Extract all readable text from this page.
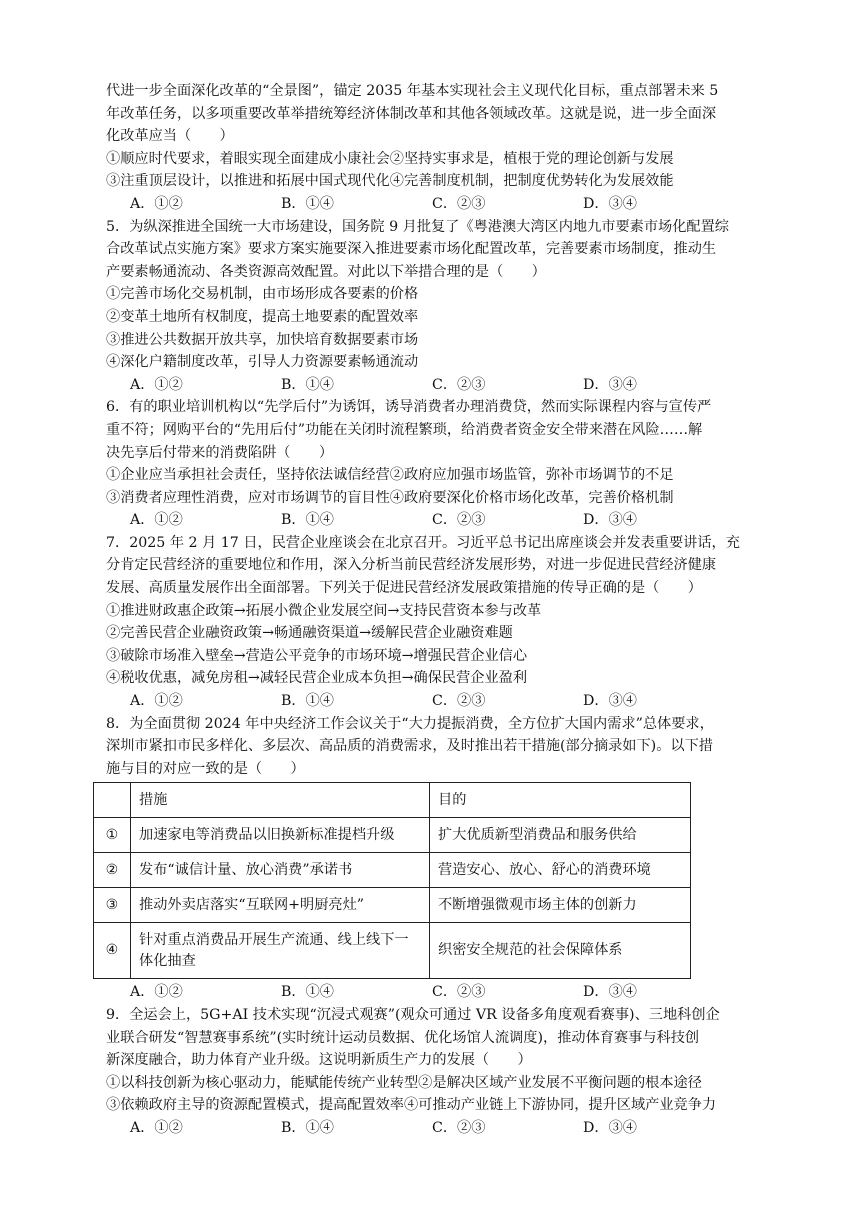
代进一步全面深化改革的“全景图”，锚定 2035 年基本实现社会主义现代化目标，重点部署未来 5

年改革任务，以多项重要改革举措统筹经济体制改革和其他各领域改革。这就是说，进一步全面深

化改革应当（　　）

①顺应时代要求，着眼实现全面建成小康社会②坚持实事求是，植根于党的理论创新与发展

③注重顶层设计，以推进和拓展中国式现代化④完善制度机制，把制度优势转化为发展效能

A．①②	B．①④	C．②③	D．③④

5．为纵深推进全国统一大市场建设，国务院 9 月批复了《粤港澳大湾区内地九市要素市场化配置综

合改革试点实施方案》要求方案实施要深入推进要素市场化配置改革，完善要素市场制度，推动生

产要素畅通流动、各类资源高效配置。对此以下举措合理的是（　　）

①完善市场化交易机制，由市场形成各要素的价格

②变革土地所有权制度，提高土地要素的配置效率

③推进公共数据开放共享，加快培育数据要素市场

④深化户籍制度改革，引导人力资源要素畅通流动

A．①②	B．①④	C．②③	D．③④

6．有的职业培训机构以“先学后付”为诱饵，诱导消费者办理消费贷，然而实际课程内容与宣传严

重不符；网购平台的“先用后付”功能在关闭时流程繁琐，给消费者资金安全带来潜在风险……解

决先享后付带来的消费陷阱（　　）

①企业应当承担社会责任，坚持依法诚信经营②政府应加强市场监管，弥补市场调节的不足

③消费者应理性消费，应对市场调节的盲目性④政府要深化价格市场化改革，完善价格机制

A．①②	B．①④	C．②③	D．③④

7．2025 年 2 月 17 日，民营企业座谈会在北京召开。习近平总书记出席座谈会并发表重要讲话，充

分肯定民营经济的重要地位和作用，深入分析当前民营经济发展形势，对进一步促进民营经济健康

发展、高质量发展作出全面部署。下列关于促进民营经济发展政策措施的传导正确的是（　　）

①推进财政惠企政策→拓展小微企业发展空间→支持民营资本参与改革

②完善民营企业融资政策→畅通融资渠道→缓解民营企业融资难题

③破除市场准入壁垒→营造公平竞争的市场环境→增强民营企业信心

④税收优惠，减免房租→减轻民营企业成本负担→确保民营企业盈利

A．①②	B．①④	C．②③	D．③④

8．为全面贯彻 2024 年中央经济工作会议关于“大力提振消费，全方位扩大国内需求”总体要求，

深圳市紧扣市民多样化、多层次、高品质的消费需求，及时推出若干措施(部分摘录如下)。以下措

施与目的对应一致的是（　　）

	措施	目的
①	加速家电等消费品以旧换新标准提档升级	扩大优质新型消费品和服务供给
②	发布“诚信计量、放心消费”承诺书	营造安心、放心、舒心的消费环境
③	推动外卖店落实“互联网+明厨亮灶”	不断增强微观市场主体的创新力
④	针对重点消费品开展生产流通、线上线下一体化抽查	织密安全规范的社会保障体系
A．①②	B．①④	C．②③	D．③④

9．全运会上，5G+AI 技术实现“沉浸式观赛”(观众可通过 VR 设备多角度观看赛事)、三地科创企

业联合研发“智慧赛事系统”(实时统计运动员数据、优化场馆人流调度)，推动体育赛事与科技创

新深度融合，助力体育产业升级。这说明新质生产力的发展（　　）

①以科技创新为核心驱动力，能赋能传统产业转型②是解决区域产业发展不平衡问题的根本途径

③依赖政府主导的资源配置模式，提高配置效率④可推动产业链上下游协同，提升区域产业竞争力

A．①②	B．①④	C．②③	D．③④
